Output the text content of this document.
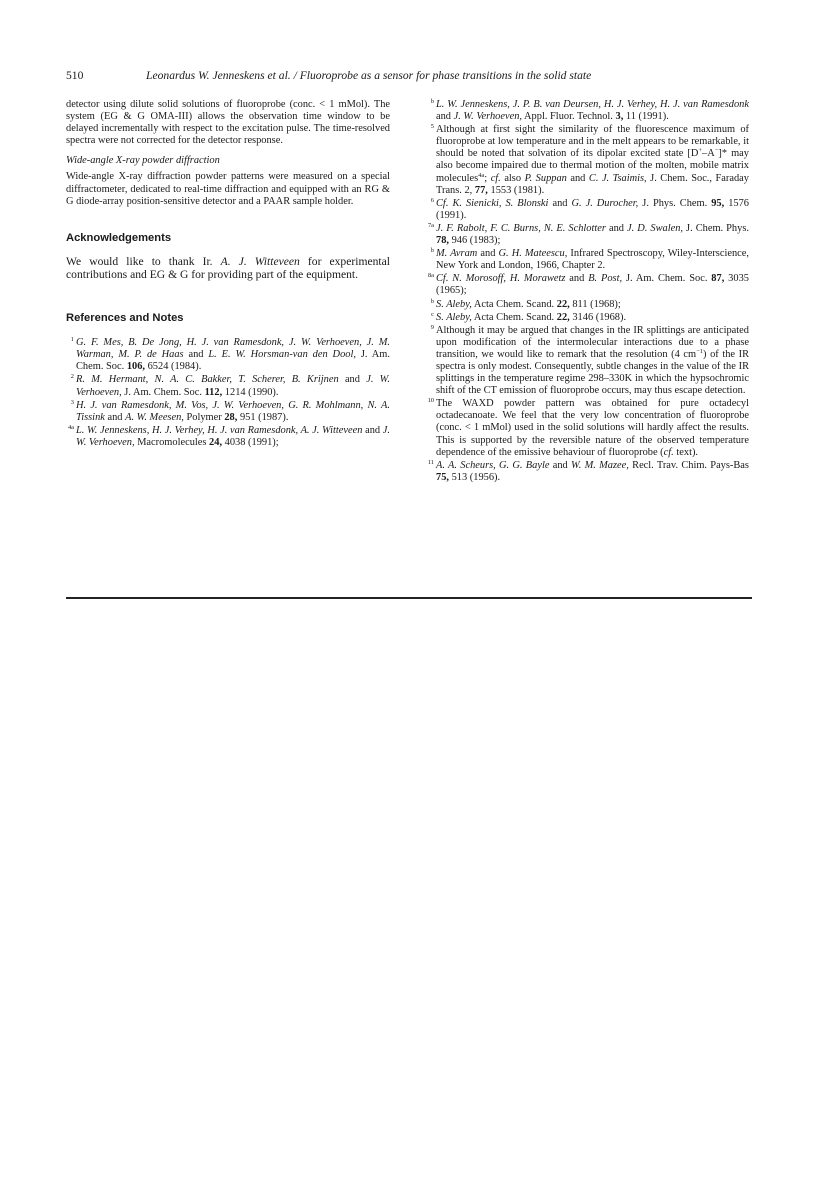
510	Leonardus W. Jenneskens et al. / Fluoroprobe as a sensor for phase transitions in the solid state

detector using dilute solid solutions of fluoroprobe (conc. < 1 mMol). The system (EG & G OMA-III) allows the observation time window to be delayed incrementally with respect to the excitation pulse. The time-resolved spectra were not corrected for the detector response.

Wide-angle X-ray powder diffraction

Wide-angle X-ray diffraction powder patterns were measured on a special diffractometer, dedicated to real-time diffraction and equipped with an RG & G diode-array position-sensitive detector and a PAAR sample holder.

Acknowledgements

We would like to thank Ir. A. J. Witteveen for experimental contributions and EG & G for providing part of the equipment.

References and Notes
1 G. F. Mes, B. De Jong, H. J. van Ramesdonk, J. W. Verhoeven, J. M. Warman, M. P. de Haas and L. E. W. Horsman-van den Dool, J. Am. Chem. Soc. 106, 6524 (1984).
2 R. M. Hermant, N. A. C. Bakker, T. Scherer, B. Krijnen and J. W. Verhoeven, J. Am. Chem. Soc. 112, 1214 (1990).
3 H. J. van Ramesdonk, M. Vos, J. W. Verhoeven, G. R. Mohlmann, N. A. Tissink and A. W. Meesen, Polymer 28, 951 (1987).
4a L. W. Jenneskens, H. J. Verhey, H. J. van Ramesdonk, A. J. Witteveen and J. W. Verhoeven, Macromolecules 24, 4038 (1991);
b L. W. Jenneskens, J. P. B. van Deursen, H. J. Verhey, H. J. van Ramesdonk and J. W. Verhoeven, Appl. Fluor. Technol. 3, 11 (1991).
5 Although at first sight the similarity of the fluorescence maximum of fluoroprobe at low temperature and in the melt appears to be remarkable, it should be noted that solvation of its dipolar excited state [D+–A−]* may also become impaired due to thermal motion of the molten, mobile matrix molecules$^{4a}$; cf. also P. Suppan and C. J. Tsaimis, J. Chem. Soc., Faraday Trans. 2, 77, 1553 (1981).
6 Cf. K. Sienicki, S. Blonski and G. J. Durocher, J. Phys. Chem. 95, 1576 (1991).
7a J. F. Rabolt, F. C. Burns, N. E. Schlotter and J. D. Swalen, J. Chem. Phys. 78, 946 (1983);
b M. Avram and G. H. Mateescu, Infrared Spectroscopy, Wiley-Interscience, New York and London, 1966, Chapter 2.
8a Cf. N. Morosoff, H. Morawetz and B. Post, J. Am. Chem. Soc. 87, 3035 (1965);
b S. Aleby, Acta Chem. Scand. 22, 811 (1968);
c S. Aleby, Acta Chem. Scand. 22, 3146 (1968).
9 Although it may be argued that changes in the IR splittings are anticipated upon modification of the intermolecular interactions due to a phase transition, we would like to remark that the resolution (4 $cm^{-1}$) of the IR spectra is only modest. Consequently, subtle changes in the value of the IR splittings in the temperature regime 298–330K in which the hypsochromic shift of the CT emission of fluoroprobe occurs, may thus escape detection.
10 The WAXD powder pattern was obtained for pure octadecyl octadecanoate. We feel that the very low concentration of fluoroprobe (conc. < 1 mMol) used in the solid solutions will hardly affect the results. This is supported by the reversible nature of the observed temperature dependence of the emissive behaviour of fluoroprobe (cf. text).
11 A. A. Scheurs, G. G. Bayle and W. M. Mazee, Recl. Trav. Chim. Pays-Bas 75, 513 (1956).
